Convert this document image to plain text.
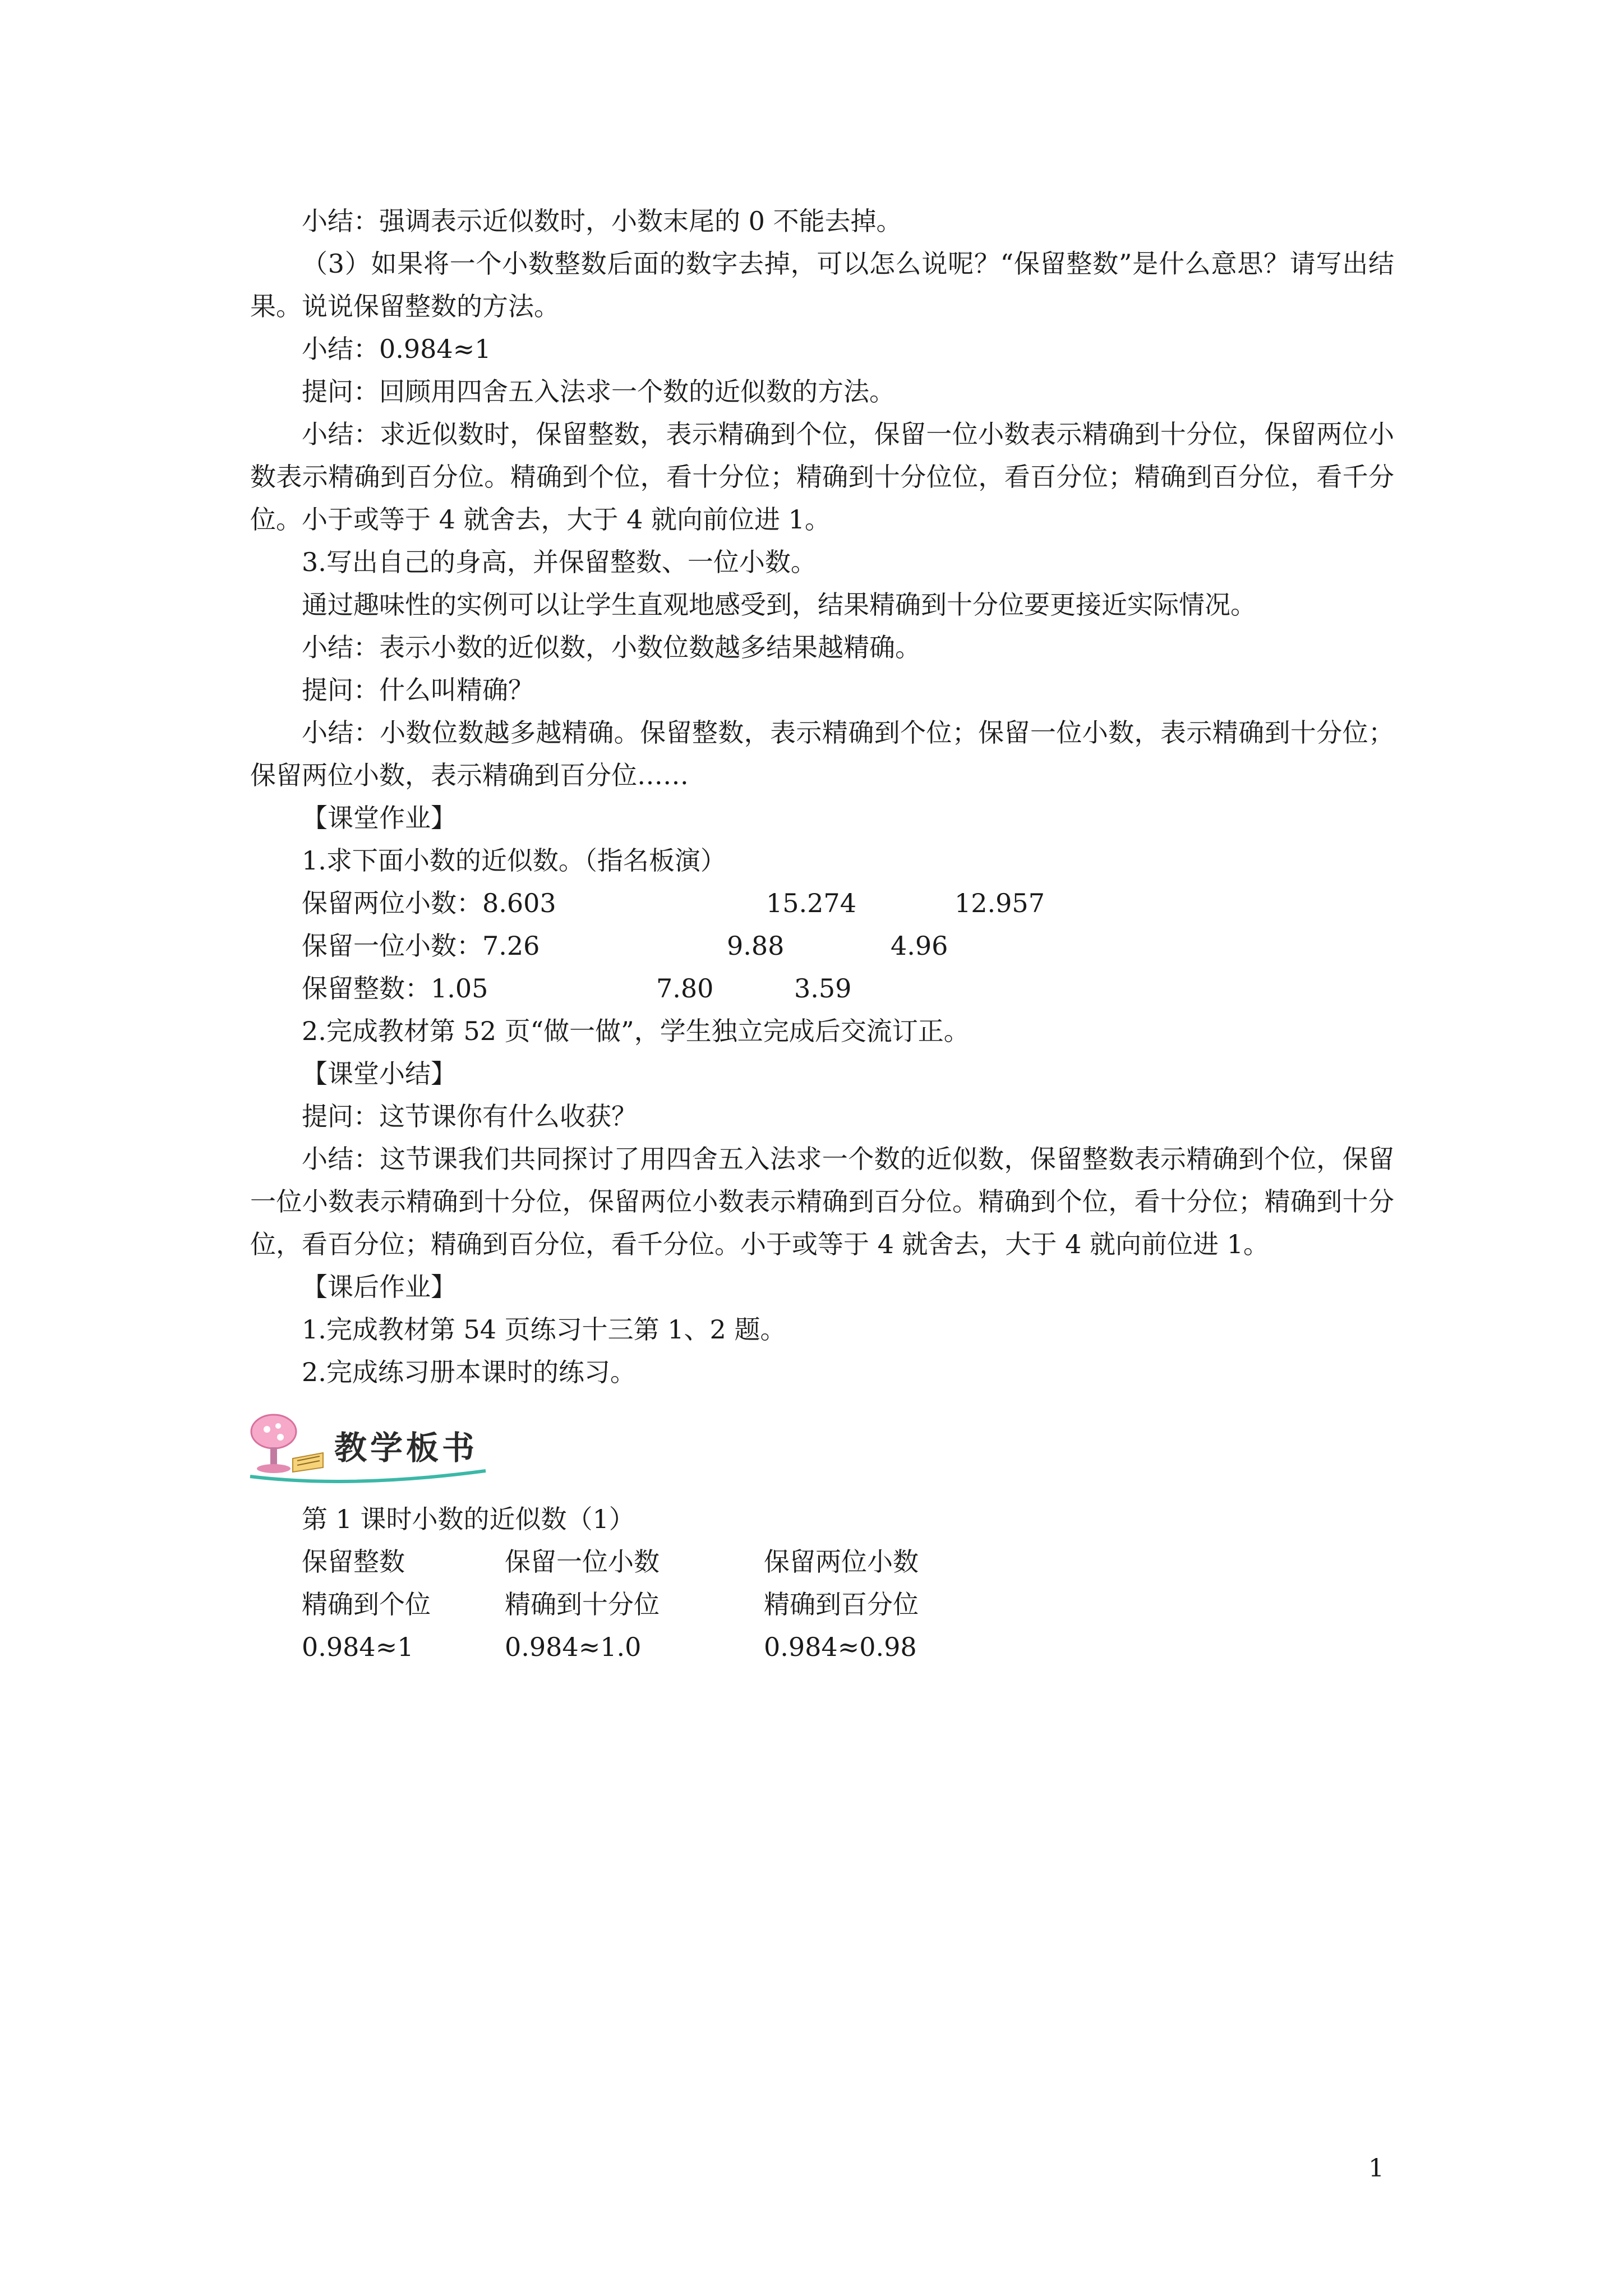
小结：强调表示近似数时，小数末尾的 0 不能去掉。

（3）如果将一个小数整数后面的数字去掉，可以怎么说呢？“保留整数”是什么意思？请写出结果。说说保留整数的方法。

小结：0.984≈1

提问：回顾用四舍五入法求一个数的近似数的方法。

小结：求近似数时，保留整数，表示精确到个位，保留一位小数表示精确到十分位，保留两位小数表示精确到百分位。精确到个位，看十分位；精确到十分位位，看百分位；精确到百分位，看千分位。小于或等于 4 就舍去，大于 4 就向前位进 1。

3.写出自己的身高，并保留整数、一位小数。

通过趣味性的实例可以让学生直观地感受到，结果精确到十分位要更接近实际情况。

小结：表示小数的近似数，小数位数越多结果越精确。

提问：什么叫精确？

小结：小数位数越多越精确。保留整数，表示精确到个位；保留一位小数，表示精确到十分位；保留两位小数，表示精确到百分位……

【课堂作业】

1.求下面小数的近似数。（指名板演）

保留两位小数：8.603	15.274	12.957
保留一位小数：7.26	9.88	4.96
保留整数：1.05	7.80	3.59

2.完成教材第 52 页“做一做”，学生独立完成后交流订正。

【课堂小结】

提问：这节课你有什么收获？

小结：这节课我们共同探讨了用四舍五入法求一个数的近似数，保留整数表示精确到个位，保留一位小数表示精确到十分位，保留两位小数表示精确到百分位。精确到个位，看十分位；精确到十分位，看百分位；精确到百分位，看千分位。小于或等于 4 就舍去，大于 4 就向前位进 1。

【课后作业】

1.完成教材第 54 页练习十三第 1、2 题。

2.完成练习册本课时的练习。

教学板书

第 1 课时小数的近似数（1）

保留整数	保留一位小数	保留两位小数
精确到个位	精确到十分位	精确到百分位
0.984≈1	0.984≈1.0	0.984≈0.98
1
